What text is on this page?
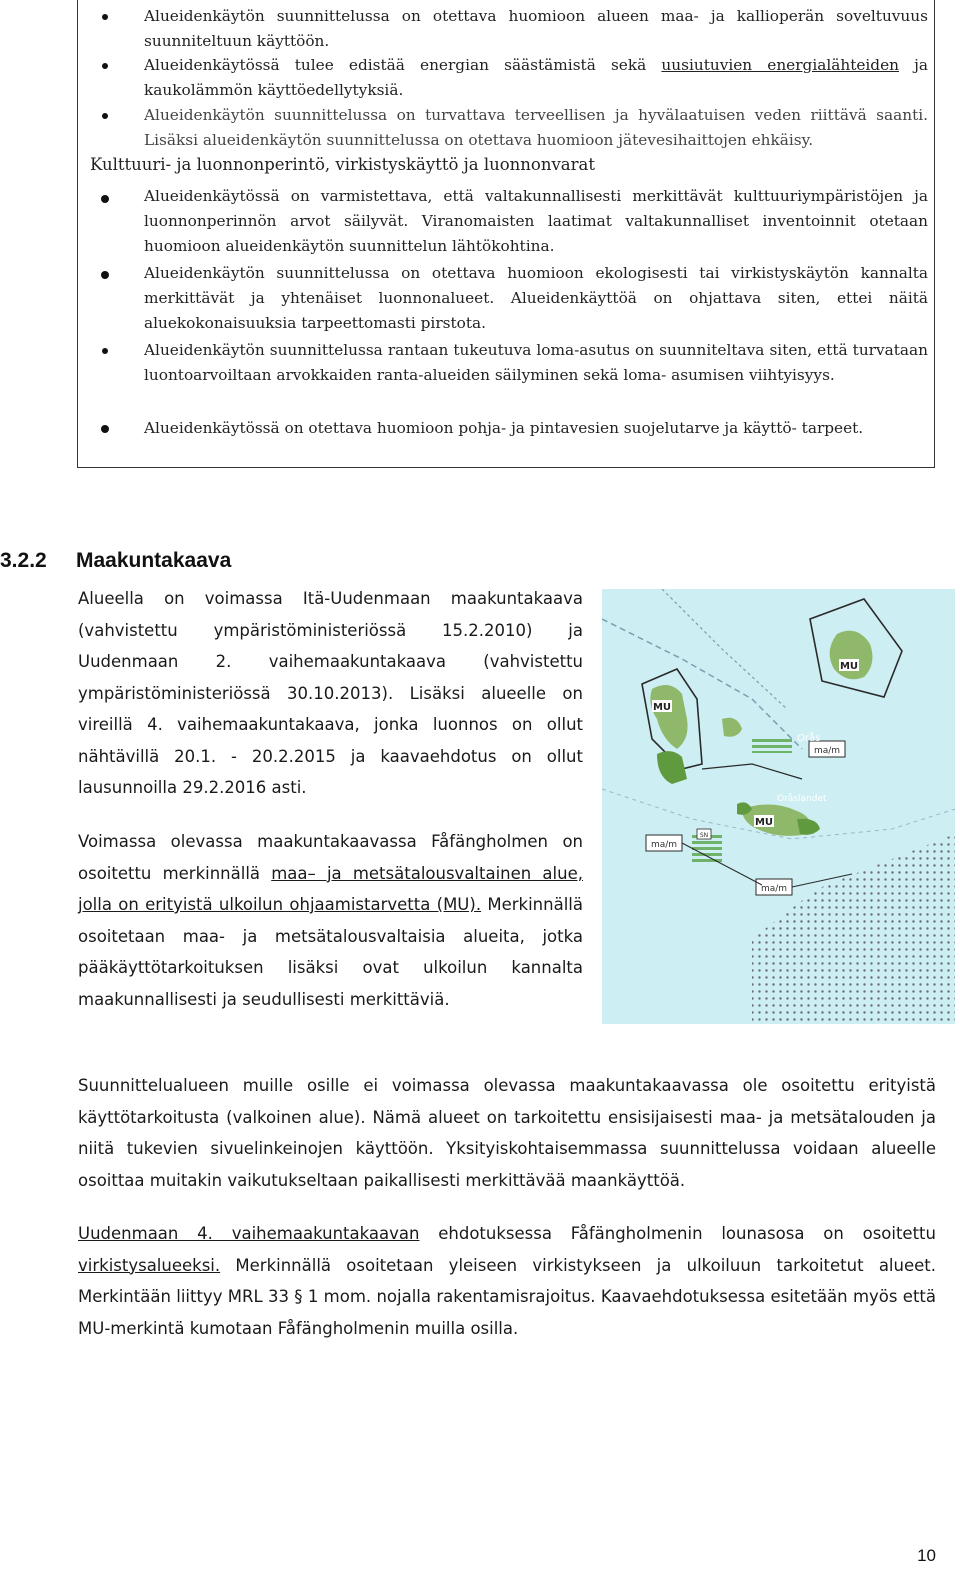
Alueidenkäytön suunnittelussa on otettava huomioon alueen maa- ja kallioperän soveltuvuus suunniteltuun käyttöön.
Alueidenkäytössä tulee edistää energian säästämistä sekä uusiutuvien energialähteiden ja kaukolämmön käyttöedellytyksiä.
Alueidenkäytön suunnittelussa on turvattava terveellisen ja hyvälaatuisen veden riittävä saanti. Lisäksi alueidenkäytön suunnittelussa on otettava huomioon jätevesihaittojen ehkäisy.
Kulttuuri- ja luonnonperintö, virkistyskäyttö ja luonnonvarat
Alueidenkäytössä on varmistettava, että valtakunnallisesti merkittävät kulttuuriympäristöjen ja luonnonperinnön arvot säilyvät. Viranomaisten laatimat valtakunnalliset inventoinnit otetaan huomioon alueidenkäytön suunnittelun lähtökohtina.
Alueidenkäytön suunnittelussa on otettava huomioon ekologisesti tai virkistyskäytön kannalta merkittävät ja yhtenäiset luonnonalueet. Alueidenkäyttöä on ohjattava siten, ettei näitä aluekokonaisuuksia tarpeettomasti pirstota.
Alueidenkäytön suunnittelussa rantaan tukeutuva loma-asutus on suunniteltava siten, että turvataan luontoarvoiltaan arvokkaiden ranta-alueiden säilyminen sekä loma- asumisen viihtyisyys.
Alueidenkäytössä on otettava huomioon pohja- ja pintavesien suojelutarve ja käyttö- tarpeet.
3.2.2 Maakuntakaava
Alueella on voimassa Itä-Uudenmaan maakuntakaava (vahvistettu ympäristöministeriössä 15.2.2010) ja Uudenmaan 2. vaihemaakuntakaava (vahvistettu ympäristöministeriössä 30.10.2013). Lisäksi alueelle on vireillä 4. vaihemaakuntakaava, jonka luonnos on ollut nähtävillä 20.1. - 20.2.2015 ja kaavaehdotus on ollut lausunnoilla 29.2.2016 asti.
Voimassa olevassa maakuntakaavassa Fåfängholmen on osoitettu merkinnällä maa– ja metsätalousvaltainen alue, jolla on erityistä ulkoilun ohjaamistarvetta (MU). Merkinnällä osoitetaan maa- ja metsätalousvaltaisia alueita, jotka pääkäyttötarkoituksen lisäksi ovat ulkoilun kannalta maakunnallisesti ja seudullisesti merkittäviä.
ma/m
ma/m
ma/m
SN
Orås
Oråslandet
MU
MU
MU
Suunnittelualueen muille osille ei voimassa olevassa maakuntakaavassa ole osoitettu erityistä käyttötarkoitusta (valkoinen alue). Nämä alueet on tarkoitettu ensisijaisesti maa- ja metsätalouden ja niitä tukevien sivuelinkeinojen käyttöön. Yksityiskohtaisemmassa suunnittelussa voidaan alueelle osoittaa muitakin vaikutukseltaan paikallisesti merkittävää maankäyttöä.
Uudenmaan 4. vaihemaakuntakaavan ehdotuksessa Fåfängholmenin lounasosa on osoitettu virkistysalueeksi. Merkinnällä osoitetaan yleiseen virkistykseen ja ulkoiluun tarkoitetut alueet. Merkintään liittyy MRL 33 § 1 mom. nojalla rakentamisrajoitus. Kaavaehdotuksessa esitetään myös että MU-merkintä kumotaan Fåfängholmenin muilla osilla.
10
